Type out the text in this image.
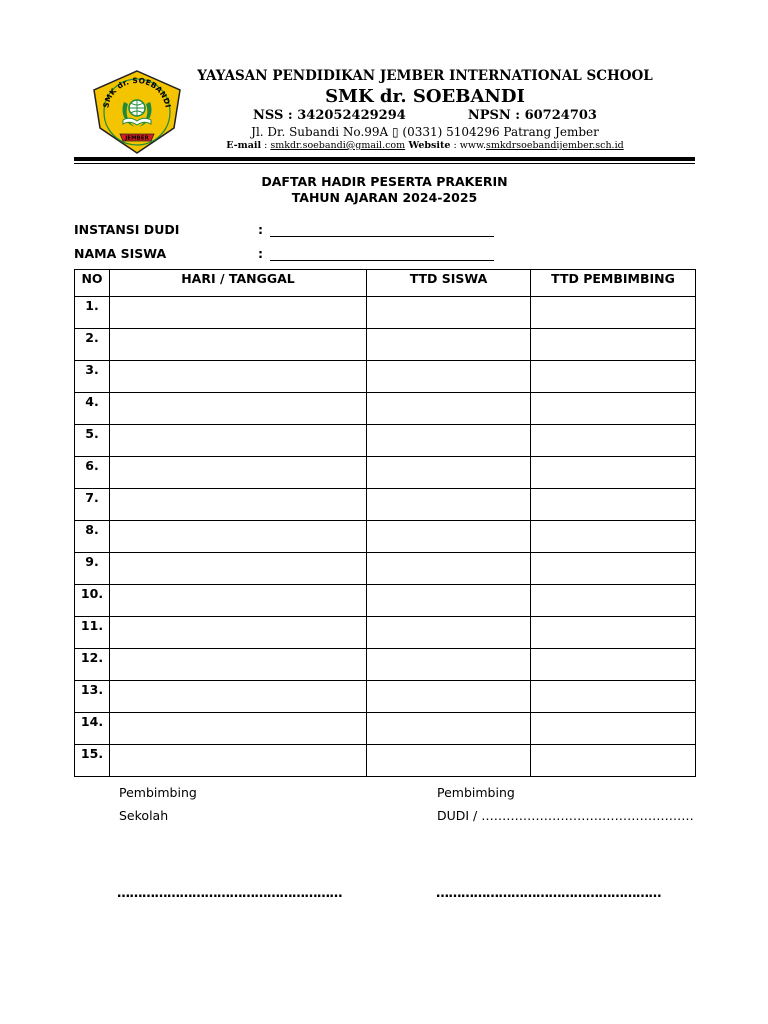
SMK dr. SOEBANDI
JEMBER
YAYASAN PENDIDIKAN JEMBER INTERNATIONAL SCHOOL
SMK dr. SOEBANDI
NSS : 342052429294	NPSN : 60724703
Jl. Dr. Subandi No.99A ▯ (0331) 5104296 Patrang Jember
E-mail : smkdr.soebandi@gmail.com Website : www.smkdrsoebandijember.sch.id
DAFTAR HADIR PESERTA PRAKERIN
TAHUN AJARAN 2024-2025
INSTANSI DUDI	:
NAMA SISWA	:
NO	HARI / TANGGAL	TTD SISWA	TTD PEMBIMBING
1.			
2.			
3.			
4.			
5.			
6.			
7.			
8.			
9.			
10.			
11.			
12.			
13.			
14.			
15.			
Pembimbing
Sekolah
Pembimbing
DUDI / ……………………………………………
………………………………………………	………………………………………………
